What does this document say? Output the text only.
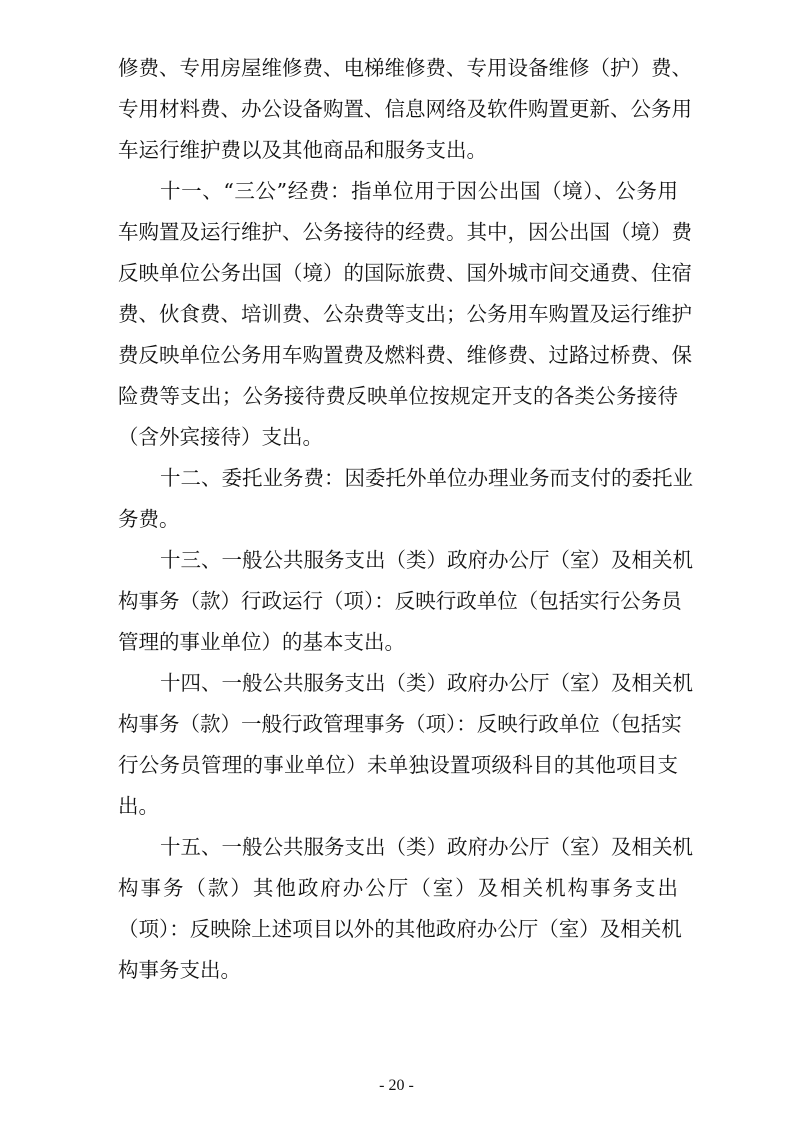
修费、专用房屋维修费、电梯维修费、专用设备维修（护）费、
专用材料费、办公设备购置、信息网络及软件购置更新、公务用
车运行维护费以及其他商品和服务支出。
十一、“三公”经费：指单位用于因公出国（境）、公务用
车购置及运行维护、公务接待的经费。其中，因公出国（境）费
反映单位公务出国（境）的国际旅费、国外城市间交通费、住宿
费、伙食费、培训费、公杂费等支出；公务用车购置及运行维护
费反映单位公务用车购置费及燃料费、维修费、过路过桥费、保
险费等支出；公务接待费反映单位按规定开支的各类公务接待
（含外宾接待）支出。
十二、委托业务费：因委托外单位办理业务而支付的委托业
务费。
十三、一般公共服务支出（类）政府办公厅（室）及相关机
构事务（款）行政运行（项）：反映行政单位（包括实行公务员
管理的事业单位）的基本支出。
十四、一般公共服务支出（类）政府办公厅（室）及相关机
构事务（款）一般行政管理事务（项）：反映行政单位（包括实
行公务员管理的事业单位）未单独设置项级科目的其他项目支
出。
十五、一般公共服务支出（类）政府办公厅（室）及相关机
构事务（款）其他政府办公厅（室）及相关机构事务支出
（项）：反映除上述项目以外的其他政府办公厅（室）及相关机
构事务支出。
- 20 -
